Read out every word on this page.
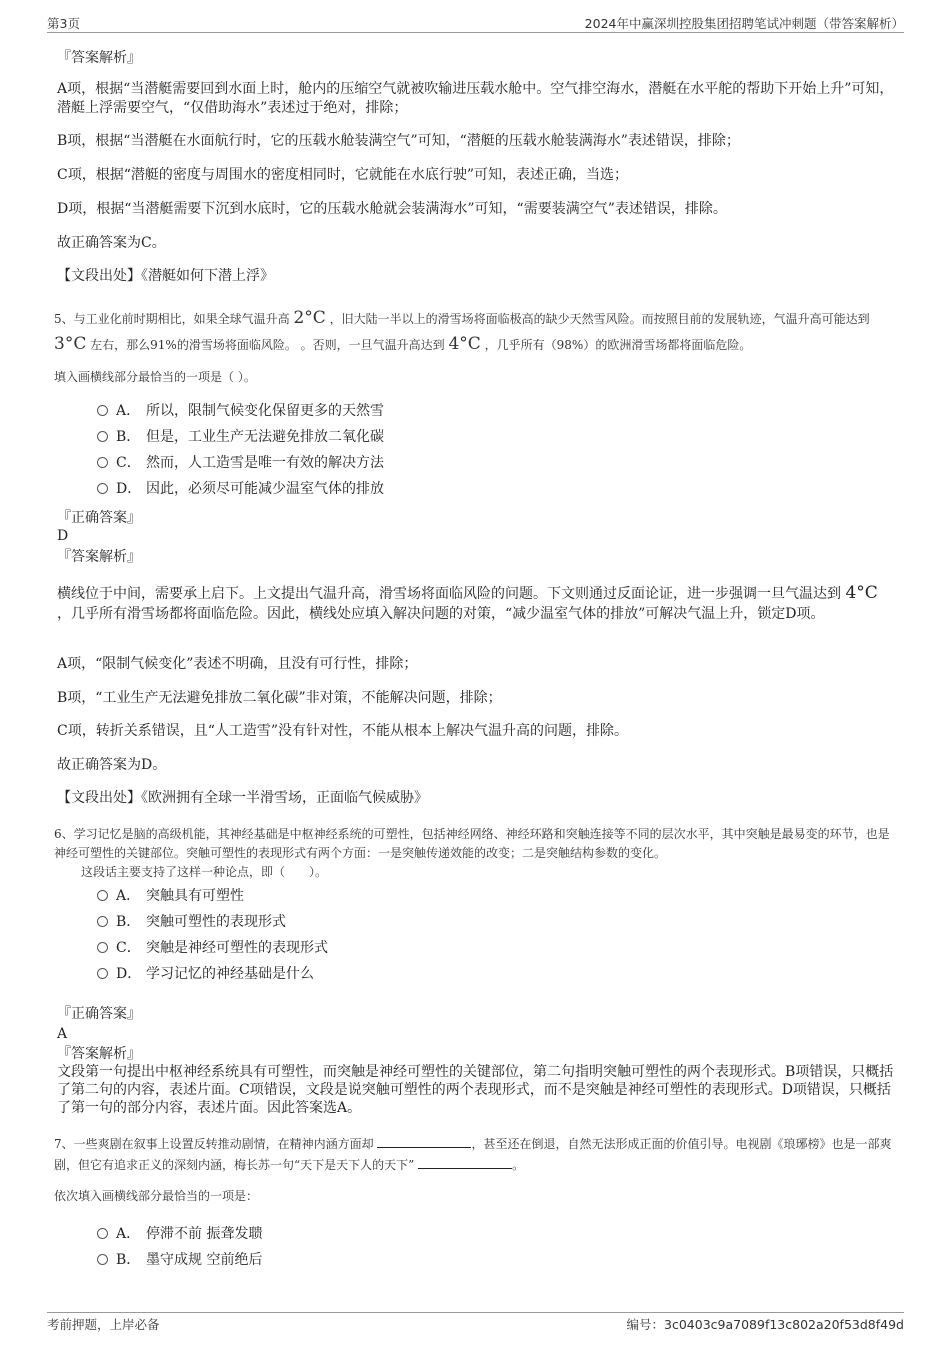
第3页	2024年中赢深圳控股集团招聘笔试冲刺题（带答案解析）
『答案解析』
A项，根据“当潜艇需要回到水面上时，舱内的压缩空气就被吹输进压载水舱中。空气排空海水，潜艇在水平舵的帮助下开始上升”可知，潜艇上浮需要空气，“仅借助海水”表述过于绝对，排除；
B项，根据“当潜艇在水面航行时，它的压载水舱装满空气”可知，“潜艇的压载水舱装满海水”表述错误，排除；
C项，根据“潜艇的密度与周围水的密度相同时，它就能在水底行驶”可知，表述正确，当选；
D项，根据“当潜艇需要下沉到水底时，它的压载水舱就会装满海水”可知，“需要装满空气”表述错误，排除。
故正确答案为C。
【文段出处】《潜艇如何下潜上浮》
5、与工业化前时期相比，如果全球气温升高 2°C ，旧大陆一半以上的滑雪场将面临极高的缺少天然雪风险。而按照目前的发展轨迹，气温升高可能达到 3°C 左右，那么91%的滑雪场将面临风险。 。否则，一旦气温升高达到 4°C ，几乎所有（98%）的欧洲滑雪场都将面临危险。
填入画横线部分最恰当的一项是（ ）。
A． 所以，限制气候变化保留更多的天然雪
B． 但是，工业生产无法避免排放二氧化碳
C． 然而，人工造雪是唯一有效的解决方法
D． 因此，必须尽可能减少温室气体的排放
『正确答案』
D
『答案解析』
横线位于中间，需要承上启下。上文提出气温升高，滑雪场将面临风险的问题。下文则通过反面论证，进一步强调一旦气温达到 4°C ，几乎所有滑雪场都将面临危险。因此，横线处应填入解决问题的对策，“减少温室气体的排放”可解决气温上升，锁定D项。
A项，“限制气候变化”表述不明确，且没有可行性，排除；
B项，“工业生产无法避免排放二氧化碳”非对策，不能解决问题，排除；
C项，转折关系错误，且“人工造雪”没有针对性，不能从根本上解决气温升高的问题，排除。
故正确答案为D。
【文段出处】《欧洲拥有全球一半滑雪场，正面临气候威胁》
6、学习记忆是脑的高级机能，其神经基础是中枢神经系统的可塑性，包括神经网络、神经环路和突触连接等不同的层次水平，其中突触是最易变的环节，也是神经可塑性的关键部位。突触可塑性的表现形式有两个方面：一是突触传递效能的改变；二是突触结构参数的变化。
这段话主要支持了这样一种论点，即（　　）。
A． 突触具有可塑性
B． 突触可塑性的表现形式
C． 突触是神经可塑性的表现形式
D． 学习记忆的神经基础是什么
『正确答案』
A
『答案解析』
文段第一句提出中枢神经系统具有可塑性，而突触是神经可塑性的关键部位，第二句指明突触可塑性的两个表现形式。B项错误，只概括了第二句的内容，表述片面。C项错误，文段是说突触可塑性的两个表现形式，而不是突触是神经可塑性的表现形式。D项错误，只概括了第一句的部分内容，表述片面。因此答案选A。
7、一些爽剧在叙事上设置反转推动剧情，在精神内涵方面却	，甚至还在倒退，自然无法形成正面的价值引导。电视剧《琅琊榜》也是一部爽剧，但它有追求正义的深刻内涵，梅长苏一句“天下是天下人的天下”	。
依次填入画横线部分最恰当的一项是：
A． 停滞不前 振聋发聩
B． 墨守成规 空前绝后
考前押题，上岸必备	编号：3c0403c9a7089f13c802a20f53d8f49d
